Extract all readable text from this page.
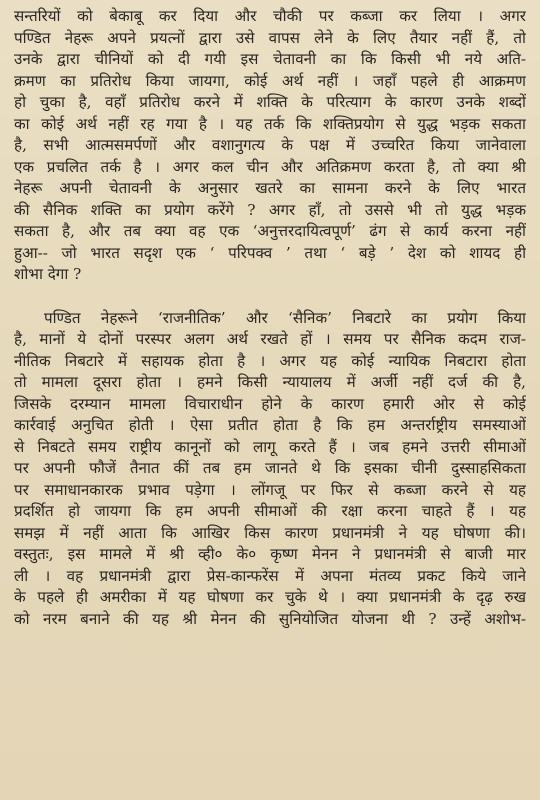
सन्तरियों को बेकाबू कर दिया और चौकी पर कब्जा कर लिया । अगर
पण्डित नेहरू अपने प्रयत्नों द्वारा उसे वापस लेने के लिए तैयार नहीं हैं, तो
उनके द्वारा चीनियों को दी गयी इस चेतावनी का कि किसी भी नये अति-
क्रमण का प्रतिरोध किया जायगा, कोई अर्थ नहीं । जहाँ पहले ही आक्रमण
हो चुका है, वहाँ प्रतिरोध करने में शक्ति के परित्याग के कारण उनके शब्दों
का कोई अर्थ नहीं रह गया है । यह तर्क कि शक्तिप्रयोग से युद्ध भड़क सकता
है, सभी आत्मसमर्पणों और वशानुगत्य के पक्ष में उच्चरित किया जानेवाला
एक प्रचलित तर्क है । अगर कल चीन और अतिक्रमण करता है, तो क्या श्री
नेहरू अपनी चेतावनी के अनुसार खतरे का सामना करने के लिए भारत
की सैनिक शक्ति का प्रयोग करेंगे ? अगर हाँ, तो उससे भी तो युद्ध भड़क
सकता है, और तब क्या वह एक ‘अनुत्तरदायित्वपूर्ण’ ढंग से कार्य करना नहीं
हुआ-- जो भारत सदृश एक ‘ परिपक्व ’ तथा ‘ बड़े ’ देश को शायद ही
शोभा देगा ?
पण्डित नेहरूने ‘राजनीतिक’ और ‘सैनिक’ निबटारे का प्रयोग किया
है, मानों ये दोनों परस्पर अलग अर्थ रखते हों । समय पर सैनिक कदम राज-
नीतिक निबटारे में सहायक होता है । अगर यह कोई न्यायिक निबटारा होता
तो मामला दूसरा होता । हमने किसी न्यायालय में अर्जी नहीं दर्ज की है,
जिसके दरम्यान मामला विचाराधीन होने के कारण हमारी ओर से कोई
कार्रवाई अनुचित होती । ऐसा प्रतीत होता है कि हम अन्तर्राष्ट्रीय समस्याओं
से निबटते समय राष्ट्रीय कानूनों को लागू करते हैं । जब हमने उत्तरी सीमाओं
पर अपनी फौजें तैनात कीं तब हम जानते थे कि इसका चीनी दुस्साहसिकता
पर समाधानकारक प्रभाव पड़ेगा । लोंगजू पर फिर से कब्जा करने से यह
प्रदर्शित हो जायगा कि हम अपनी सीमाओं की रक्षा करना चाहते हैं । यह
समझ में नहीं आता कि आखिर किस कारण प्रधानमंत्री ने यह घोषणा की।
वस्तुतः, इस मामले में श्री व्ही० के० कृष्ण मेनन ने प्रधानमंत्री से बाजी मार
ली । वह प्रधानमंत्री द्वारा प्रेस-कान्फरेंस में अपना मंतव्य प्रकट किये जाने
के पहले ही अमरीका में यह घोषणा कर चुके थे । क्या प्रधानमंत्री के दृढ़ रुख
को नरम बनाने की यह श्री मेनन की सुनियोजित योजना थी ? उन्हें अशोभ-
